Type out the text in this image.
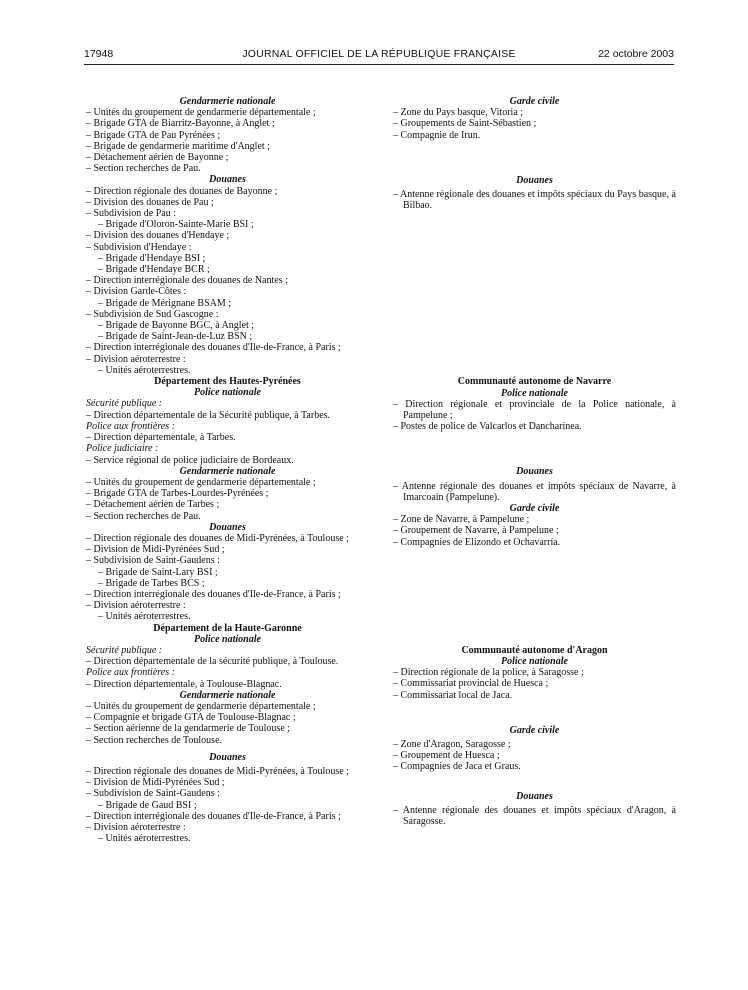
17948	JOURNAL OFFICIEL DE LA RÉPUBLIQUE FRANÇAISE	22 octobre 2003
Gendarmerie nationale
– Unités du groupement de gendarmerie départementale ;
– Brigade GTA de Biarritz-Bayonne, à Anglet ;
– Brigade GTA de Pau Pyrénées ;
– Brigade de gendarmerie maritime d'Anglet ;
– Détachement aérien de Bayonne ;
– Section recherches de Pau.
Douanes
– Direction régionale des douanes de Bayonne ;
– Division des douanes de Pau ;
– Subdivision de Pau :
– Brigade d'Oloron-Sainte-Marie BSI ;
– Division des douanes d'Hendaye ;
– Subdivision d'Hendaye :
– Brigade d'Hendaye BSI ;
– Brigade d'Hendaye BCR ;
– Direction interrégionale des douanes de Nantes ;
– Division Garde-Côtes :
– Brigade de Mérignane BSAM ;
– Subdivision de Sud Gascogne :
– Brigade de Bayonne BGC, à Anglet ;
– Brigade de Saint-Jean-de-Luz BSN ;
– Direction interrégionale des douanes d'Ile-de-France, à Paris ;
– Division aéroterrestre :
– Unités aéroterrestres.
Département des Hautes-Pyrénées
Police nationale
Sécurité publique :
– Direction départementale de la Sécurité publique, à Tarbes.
Police aux frontières :
– Direction départementale, à Tarbes.
Police judiciaire :
– Service régional de police judiciaire de Bordeaux.
Gendarmerie nationale
– Unités du groupement de gendarmerie départementale ;
– Brigade GTA de Tarbes-Lourdes-Pyrénées ;
– Détachement aérien de Tarbes ;
– Section recherches de Pau.
Douanes
– Direction régionale des douanes de Midi-Pyrénées, à Toulouse ;
– Division de Midi-Pyrénées Sud ;
– Subdivision de Saint-Gaudens :
– Brigade de Saint-Lary BSI ;
– Brigade de Tarbes BCS ;
– Direction interrégionale des douanes d'Ile-de-France, à Paris ;
– Division aéroterrestre :
– Unités aéroterrestres.
Département de la Haute-Garonne
Police nationale
Sécurité publique :
– Direction départementale de la sécurité publique, à Toulouse.
Police aux frontières :
– Direction départementale, à Toulouse-Blagnac.
Gendarmerie nationale
– Unités du groupement de gendarmerie départementale ;
– Compagnie et brigade GTA de Toulouse-Blagnac ;
– Section aérienne de la gendarmerie de Toulouse ;
– Section recherches de Toulouse.
Douanes
– Direction régionale des douanes de Midi-Pyrénées, à Toulouse ;
– Division de Midi-Pyrénées Sud ;
– Subdivision de Saint-Gaudens :
– Brigade de Gaud BSI ;
– Direction interrégionale des douanes d'Ile-de-France, à Paris ;
– Division aéroterrestre :
– Unités aéroterrestres.
Garde civile
– Zone du Pays basque, Vitoria ;
– Groupements de Saint-Sébastien ;
– Compagnie de Irun.
Douanes
– Antenne régionale des douanes et impôts spéciaux du Pays basque, à Bilbao.
Communauté autonome de Navarre
Police nationale
– Direction régionale et provinciale de la Police nationale, à Pampelune ;
– Postes de police de Valcarlos et Dancharinea.
Douanes
– Antenne régionale des douanes et impôts spéciaux de Navarre, à Imarcoain (Pampelune).
Garde civile
– Zone de Navarre, à Pampelune ;
– Groupement de Navarre, à Pampelune ;
– Compagnies de Elizondo et Ochavarría.
Communauté autonome d'Aragon
Police nationale
– Direction régionale de la police, à Saragosse ;
– Commissariat provincial de Huesca ;
– Commissariat local de Jaca.
Garde civile
– Zone d'Aragon, Saragosse ;
– Groupement de Huesca ;
– Compagnies de Jaca et Graus.
Douanes
– Antenne régionale des douanes et impôts spéciaux d'Aragon, à Saragosse.
